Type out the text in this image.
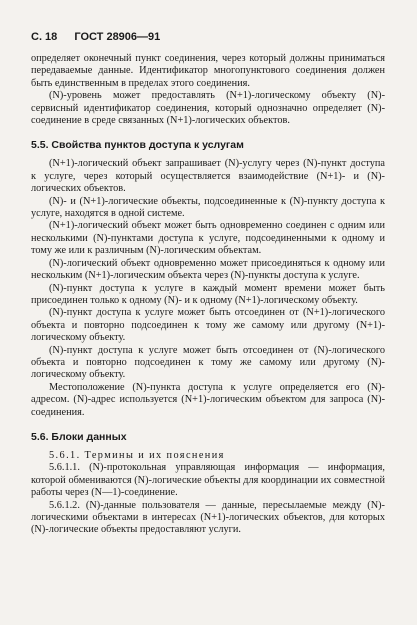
С. 18 ГОСТ 28906—91

определяет оконечный пункт соединения, через который должны приниматься передаваемые данные. Идентификатор многопунктового соединения должен быть единственным в пределах этого соединения.

(N)-уровень может предоставлять (N+1)-логическому объекту (N)-сервисный идентификатор соединения, который однозначно определяет (N)-соединение в среде связанных (N+1)-логических объектов.

5.5. Свойства пунктов доступа к услугам

(N+1)-логический объект запрашивает (N)-услугу через (N)-пункт доступа к услуге, через который осуществляется взаимодействие (N+1)- и (N)-логических объектов.

(N)- и (N+1)-логические объекты, подсоединенные к (N)-пункту доступа к услуге, находятся в одной системе.

(N+1)-логический объект может быть одновременно соединен с одним или несколькими (N)-пунктами доступа к услуге, подсоединенными к одному и тому же или к различным (N)-логическим объектам.

(N)-логический объект одновременно может присоединяться к одному или нескольким (N+1)-логическим объекта через (N)-пункты доступа к услуге.

(N)-пункт доступа к услуге в каждый момент времени может быть присоединен только к одному (N)- и к одному (N+1)-логическому объекту.

(N)-пункт доступа к услуге может быть отсоединен от (N+1)-логического объекта и повторно подсоединен к тому же самому или другому (N+1)-логическому объекту.

(N)-пункт доступа к услуге может быть отсоединен от (N)-логического объекта и повторно подсоединен к тому же самому или другому (N)-логическому объекту.

Местоположение (N)-пункта доступа к услуге определяется его (N)-адресом. (N)-адрес используется (N+1)-логическим объектом для запроса (N)-соединения.

5.6. Блоки данных

5.6.1. Термины и их пояснения

5.6.1.1. (N)-протокольная управляющая информация — информация, которой обмениваются (N)-логические объекты для координации их совместной работы через (N—1)-соединение.

5.6.1.2. (N)-данные пользователя — данные, пересылаемые между (N)-логическими объектами в интересах (N+1)-логических объектов, для которых (N)-логические объекты предоставляют услуги.
